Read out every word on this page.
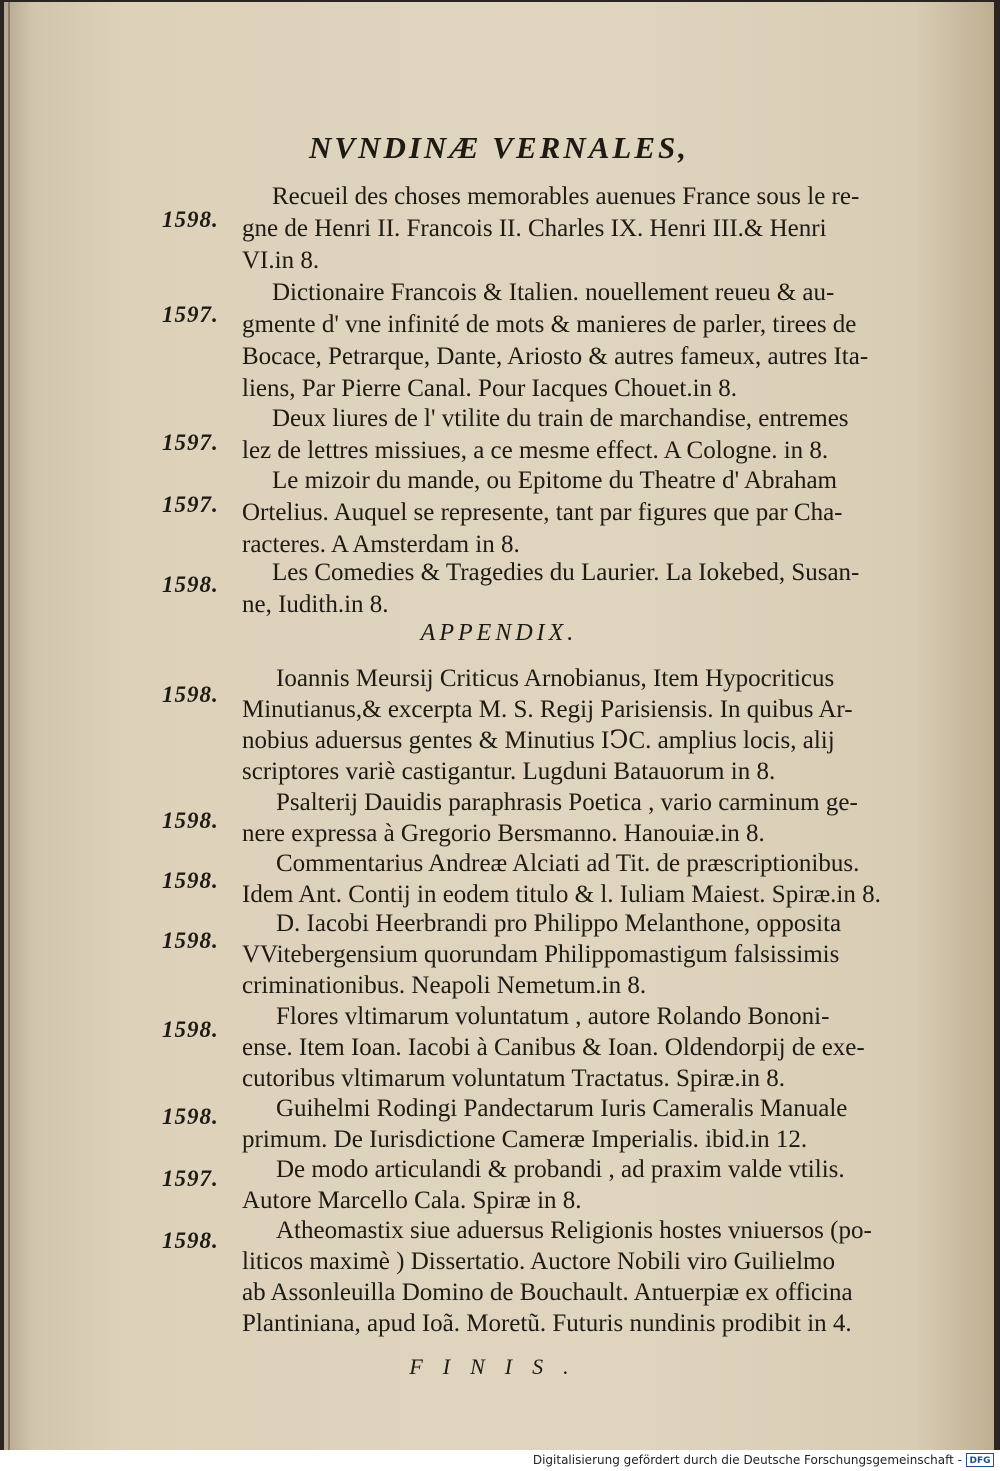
NVNDINÆ VERNALES,
1598.
Recueil des choses memorables auenues France sous le re-
gne de Henri II. Francois II. Charles IX. Henri III.& Henri
VI.in 8.
1597.
Dictionaire Francois & Italien. nouellement reueu & au-
gmente d' vne infinité de mots & manieres de parler, tirees de
Bocace, Petrarque, Dante, Ariosto & autres fameux, autres Ita-
liens, Par Pierre Canal. Pour Iacques Chouet.in 8.
1597.
Deux liures de l' vtilite du train de marchandise, entremes
lez de lettres missiues, a ce mesme effect. A Cologne. in 8.
1597.
Le mizoir du mande, ou Epitome du Theatre d' Abraham
Ortelius. Auquel se represente, tant par figures que par Cha-
racteres. A Amsterdam in 8.
1598. Les Comedies & Tragedies du Laurier. La Iokebed, Susan-
ne, Iudith.in 8.
APPENDIX.
1598.
Ioannis Meursij Criticus Arnobianus, Item Hypocriticus
Minutianus,& excerpta M. S. Regij Parisiensis. In quibus Ar-
nobius aduersus gentes & Minutius IↃC. amplius locis, alij
scriptores variè castigantur. Lugduni Batauorum in 8.
1598.
Psalterij Dauidis paraphrasis Poetica , vario carminum ge-
nere expressa à Gregorio Bersmanno. Hanouiæ.in 8.
1598.
Commentarius Andreæ Alciati ad Tit. de præscriptionibus.
Idem Ant. Contij in eodem titulo & l. Iuliam Maiest. Spiræ.in 8.
1598.
D. Iacobi Heerbrandi pro Philippo Melanthone, opposita
VVitebergensium quorundam Philippomastigum falsissimis
criminationibus. Neapoli Nemetum.in 8.
1598. Flores vltimarum voluntatum , autore Rolando Bononi-
ense. Item Ioan. Iacobi à Canibus & Ioan. Oldendorpij de exe-
cutoribus vltimarum voluntatum Tractatus. Spiræ.in 8.
1598. Guihelmi Rodingi Pandectarum Iuris Cameralis Manuale
primum. De Iurisdictione Cameræ Imperialis. ibid.in 12.
1597. De modo articulandi & probandi , ad praxim valde vtilis.
Autore Marcello Cala. Spiræ in 8.
1598. Atheomastix siue aduersus Religionis hostes vniuersos (po-
liticos maximè ) Dissertatio. Auctore Nobili viro Guilielmo
ab Assonleuilla Domino de Bouchault. Antuerpiæ ex officina
Plantiniana, apud Ioã. Moretũ. Futuris nundinis prodibit in 4.
FINIS.
Digitalisierung gefördert durch die Deutsche Forschungsgemeinschaft - DFG
